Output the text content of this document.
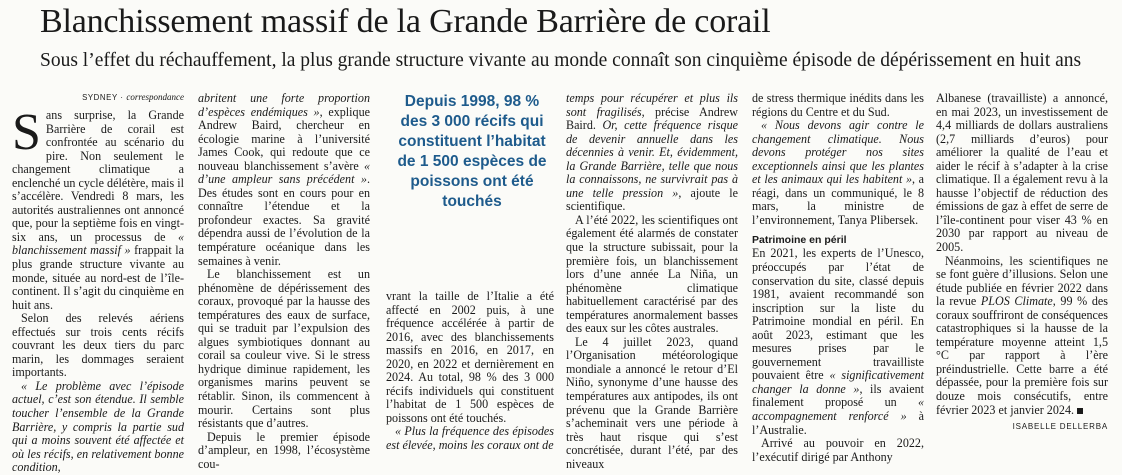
Blanchissement massif de la Grande Barrière de corail

Sous l’effet du réchauffement, la plus grande structure vivante au monde connaît son cinquième épisode de dépérissement en huit ans

SYDNEY · correspondance

Sans surprise, la Grande Barrière de corail est confrontée au scénario du pire. Non seulement le changement climatique a enclenché un cycle délétère, mais il s’accélère. Vendredi 8 mars, les autorités australiennes ont annoncé que, pour la septième fois en vingt-six ans, un processus de « blanchissement massif » frappait la plus grande structure vivante au monde, située au nord-est de l’île-continent. Il s’agit du cinquième en huit ans.

Selon des relevés aériens effectués sur trois cents récifs couvrant les deux tiers du parc marin, les dommages seraient importants.

« Le problème avec l’épisode actuel, c’est son étendue. Il semble toucher l’ensemble de la Grande Barrière, y compris la partie sud qui a moins souvent été affectée et où les récifs, en relativement bonne condition,

abritent une forte proportion d’espèces endémiques », explique Andrew Baird, chercheur en écologie marine à l’université James Cook, qui redoute que ce nouveau blanchissement s’avère « d’une ampleur sans précédent ». Des études sont en cours pour en connaître l’étendue et la profondeur exactes. Sa gravité dépendra aussi de l’évolution de la température océanique dans les semaines à venir.

Le blanchissement est un phénomène de dépérissement des coraux, provoqué par la hausse des températures des eaux de surface, qui se traduit par l’expulsion des algues symbiotiques donnant au corail sa couleur vive. Si le stress hydrique diminue rapidement, les organismes marins peuvent se rétablir. Sinon, ils commencent à mourir. Certains sont plus résistants que d’autres.

Depuis le premier épisode d’ampleur, en 1998, l’écosystème cou-

Depuis 1998, 98 % des 3 000 récifs qui constituent l’habitat de 1 500 espèces de poissons ont été touchés

vrant la taille de l’Italie a été affecté en 2002 puis, à une fréquence accélérée à partir de 2016, avec des blanchissements massifs en 2016, en 2017, en 2020, en 2022 et dernièrement en 2024. Au total, 98 % des 3 000 récifs individuels qui constituent l’habitat de 1 500 espèces de poissons ont été touchés.

« Plus la fréquence des épisodes est élevée, moins les coraux ont de

temps pour récupérer et plus ils sont fragilisés, précise Andrew Baird. Or, cette fréquence risque de devenir annuelle dans les décennies à venir. Et, évidemment, la Grande Barrière, telle que nous la connaissons, ne survivrait pas à une telle pression », ajoute le scientifique.

A l’été 2022, les scientifiques ont également été alarmés de constater que la structure subissait, pour la première fois, un blanchissement lors d’une année La Niña, un phénomène climatique habituellement caractérisé par des températures anormalement basses des eaux sur les côtes australes.

Le 4 juillet 2023, quand l’Organisation météorologique mondiale a annoncé le retour d’El Niño, synonyme d’une hausse des températures aux antipodes, ils ont prévenu que la Grande Barrière s’acheminait vers une période à très haut risque qui s’est concrétisée, durant l’été, par des niveaux

de stress thermique inédits dans les régions du Centre et du Sud.

« Nous devons agir contre le changement climatique. Nous devons protéger nos sites exceptionnels ainsi que les plantes et les animaux qui les habitent », a réagi, dans un communiqué, le 8 mars, la ministre de l’environnement, Tanya Plibersek.

Patrimoine en péril

En 2021, les experts de l’Unesco, préoccupés par l’état de conservation du site, classé depuis 1981, avaient recommandé son inscription sur la liste du Patrimoine mondial en péril. En août 2023, estimant que les mesures prises par le gouvernement travailliste pouvaient être « significativement changer la donne », ils avaient finalement proposé un « accompagnement renforcé » à l’Australie.

Arrivé au pouvoir en 2022, l’exécutif dirigé par Anthony

Albanese (travailliste) a annoncé, en mai 2023, un investissement de 4,4 milliards de dollars australiens (2,7 milliards d’euros) pour améliorer la qualité de l’eau et aider le récif à s’adapter à la crise climatique. Il a également revu à la hausse l’objectif de réduction des émissions de gaz à effet de serre de l’île-continent pour viser 43 % en 2030 par rapport au niveau de 2005.

Néanmoins, les scientifiques ne se font guère d’illusions. Selon une étude publiée en février 2022 dans la revue PLOS Climate, 99 % des coraux souffriront de conséquences catastrophiques si la hausse de la température moyenne atteint 1,5 °C par rapport à l’ère préindustrielle. Cette barre a été dépassée, pour la première fois sur douze mois consécutifs, entre février 2023 et janvier 2024.

ISABELLE DELLERBA
